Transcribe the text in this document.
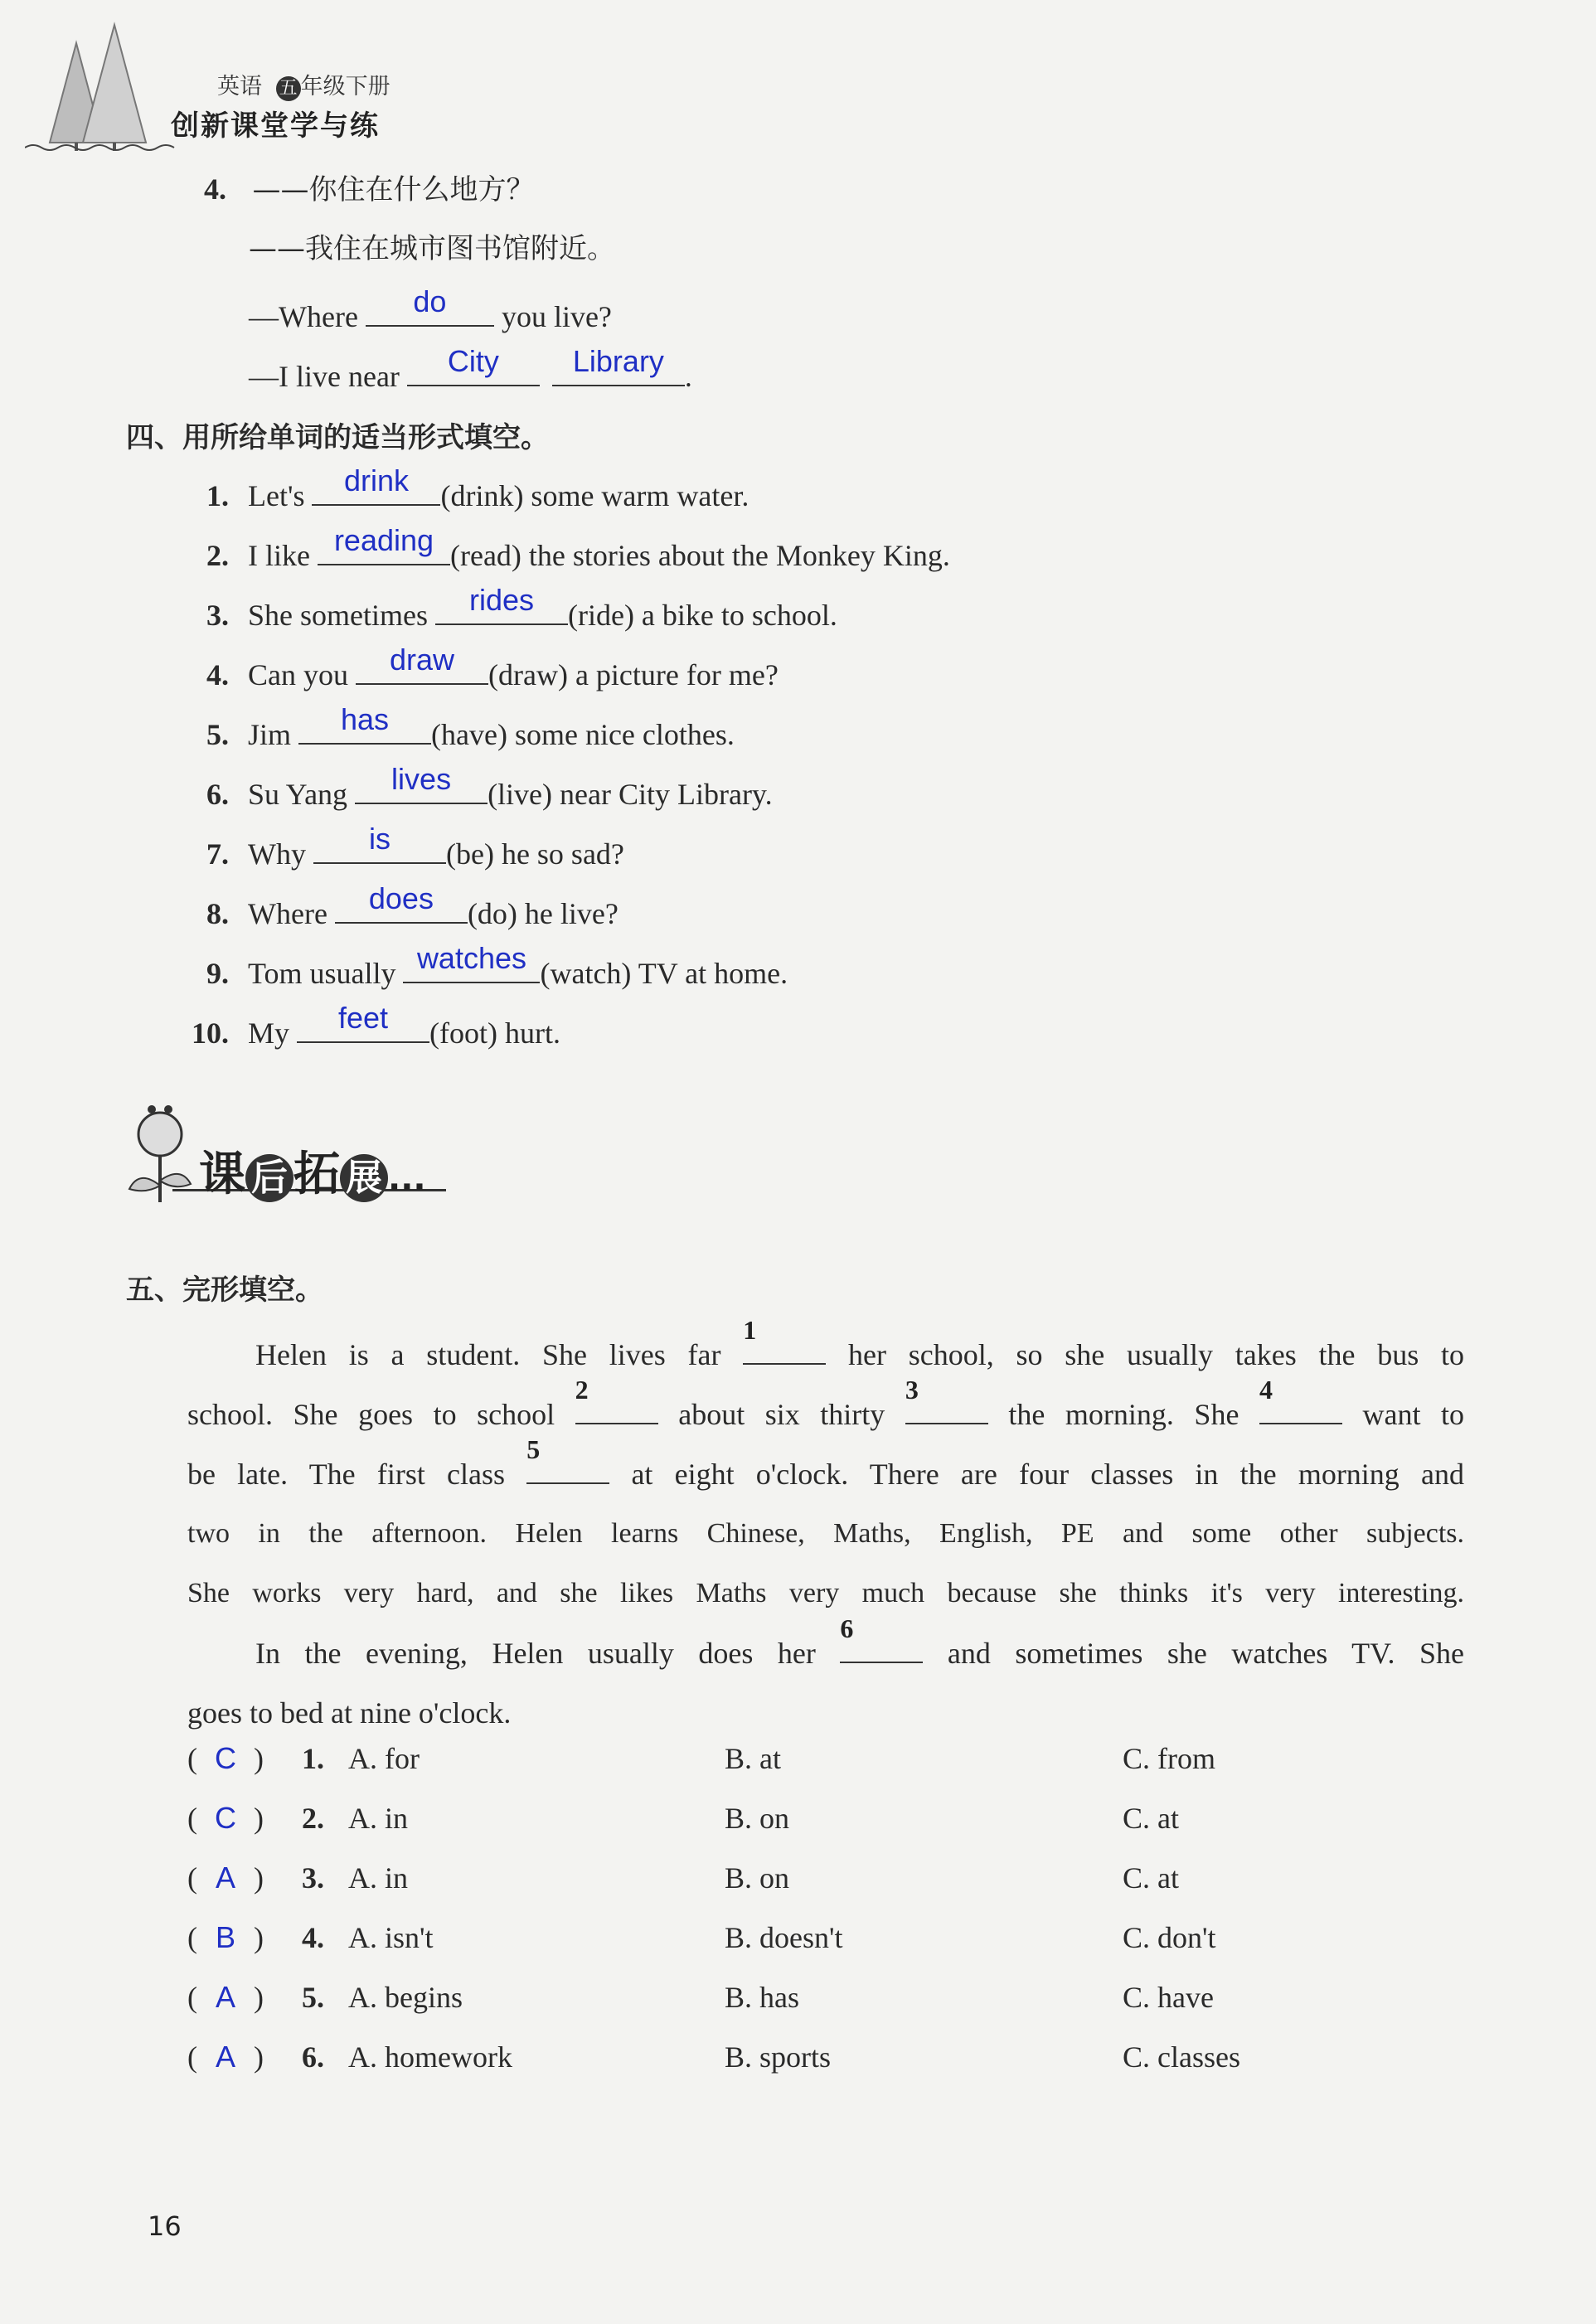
英语 五 年级下册
创新课堂学与练
4. ——你住在什么地方？
——我住在城市图书馆附近。
—Where	do	you live?
—I live near	City
	Library .
四、用所给单词的适当形式填空。
1. Let's	drink	(drink) some warm water.
2. I like reading (read) the stories about the Monkey King.
3. She sometimes	rides	(ride) a bike to school.
4. Can you	draw	(draw) a picture for me?
5. Jim	has	(have) some nice clothes.
6. Su Yang	lives	(live) near City Library.
7. Why	is	(be) he so sad?
8. Where	does	(do) he live?
9. Tom usually watches (watch) TV at home.
10. My	feet	(foot) hurt.
课 后 拓 展 ...
五、完形填空。
Helen is a student. She lives far
1
her school, so she usually takes the bus to
school. She goes to school
2
about six thirty
3
the morning. She
4
want to
be late. The first class
5
at eight o'clock. There are four classes in the morning and
two in the afternoon. Helen learns Chinese, Maths, English, PE and some other subjects.
She works very hard, and she likes Maths very much because she thinks it's very interesting.
In the evening, Helen usually does her
6
and sometimes she watches TV. She
goes to bed at nine o'clock.
(  C  ) 1. A. for	B. at	C. from
(  C  ) 2. A. in	B. on	C. at
(  A  ) 3. A. in	B. on	C. at
(  B  ) 4. A. isn't	B. doesn't	C. don't
(  A  ) 5. A. begins	B. has	C. have
(  A  ) 6. A. homework	B. sports	C. classes
16
